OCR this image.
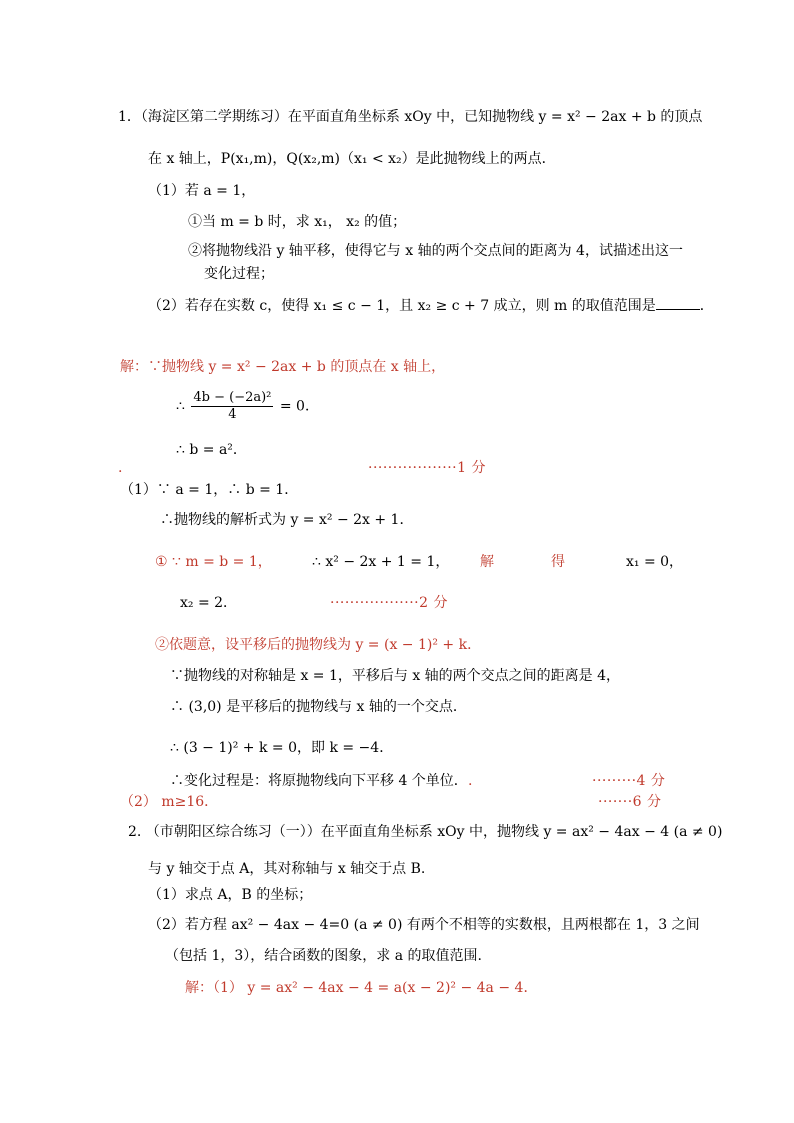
1．（海淀区第二学期练习）在平面直角坐标系 xOy 中，已知抛物线 y = x² − 2ax + b 的顶点
在 x 轴上，P(x₁,m)，Q(x₂,m)（x₁ < x₂）是此抛物线上的两点．
（1）若 a = 1，
①当 m = b 时，求 x₁， x₂ 的值；
②将抛物线沿 y 轴平移，使得它与 x 轴的两个交点间的距离为 4，试描述出这一
变化过程；
（2）若存在实数 c，使得 x₁ ≤ c − 1，且 x₂ ≥ c + 7 成立，则 m 的取值范围是	．
解：∵抛物线 y = x² − 2ax + b 的顶点在 x 轴上，
∴ $\frac{\text{4b − (−2a)²}}{4} = 0$．
∴ b = a²．
.	··················1 分
（1）∵ a = 1，∴ b = 1．
∴抛物线的解析式为 y = x² − 2x + 1．
① ∵ m = b = 1，	∴ x² − 2x + 1 = 1， 解	得	x₁ = 0，
x₂ = 2．	··················2 分
②依题意，设平移后的抛物线为 y = (x − 1)² + k．
∵抛物线的对称轴是 x = 1，平移后与 x 轴的两个交点之间的距离是 4，
∴ (3,0) 是平移后的抛物线与 x 轴的一个交点．
∴ (3 − 1)² + k = 0，即 k = −4．
∴变化过程是：将原抛物线向下平移 4 个单位． .	·········4 分
（2） m≥16．	·······6 分
2. （市朝阳区综合练习（一））在平面直角坐标系 xOy 中，抛物线 y = ax² − 4ax − 4 (a ≠ 0)
与 y 轴交于点 A，其对称轴与 x 轴交于点 B.
（1）求点 A，B 的坐标；
（2）若方程 ax² − 4ax − 4=0 (a ≠ 0) 有两个不相等的实数根，且两根都在 1，3 之间
（包括 1，3），结合函数的图象，求 a 的取值范围.
解：（1） y = ax² − 4ax − 4 = a(x − 2)² − 4a − 4．
